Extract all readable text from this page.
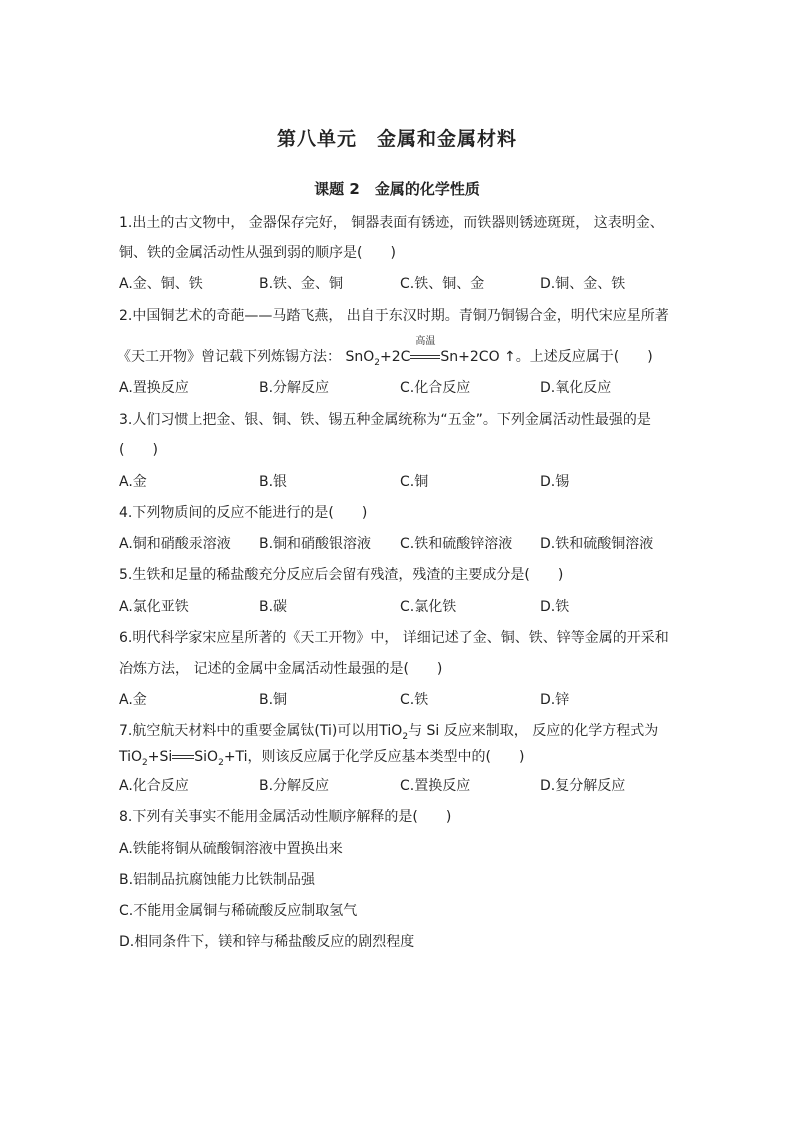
第八单元　金属和金属材料
课题 2　金属的化学性质
1.出土的古文物中， 金器保存完好， 铜器表面有锈迹，而铁器则锈迹斑斑， 这表明金、
铜、铁的金属活动性从强到弱的顺序是(　　)
A.金、铜、铁	B.铁、金、铜	C.铁、铜、金	D.铜、金、铁
2.中国铜艺术的奇葩——马踏飞燕， 出自于东汉时期。青铜乃铜锡合金，明代宋应星所著
《天工开物》曾记载下列炼锡方法： SnO$_2$+2C
高温
Sn+2CO ↑。上述反应属于(　　)
A.置换反应	B.分解反应	C.化合反应	D.氧化反应
3.人们习惯上把金、银、铜、铁、锡五种金属统称为“五金”。下列金属活动性最强的是
(　　)
A.金	B.银	C.铜	D.锡
4.下列物质间的反应不能进行的是(　　)
A.铜和硝酸汞溶液 B.铜和硝酸银溶液 C.铁和硫酸锌溶液 D.铁和硫酸铜溶液
5.生铁和足量的稀盐酸充分反应后会留有残渣，残渣的主要成分是(　　)
A.氯化亚铁	B.碳	C.氯化铁	D.铁
6.明代科学家宋应星所著的《天工开物》中， 详细记述了金、铜、铁、锌等金属的开采和
冶炼方法， 记述的金属中金属活动性最强的是(　　)
A.金	B.铜	C.铁	D.锌
7.航空航天材料中的重要金属钛(Ti)可以用TiO$_2$与 Si 反应来制取， 反应的化学方程式为
TiO$_2$+Si SiO$_2$+Ti，则该反应属于化学反应基本类型中的(　　)
A.化合反应	B.分解反应	C.置换反应	D.复分解反应
8.下列有关事实不能用金属活动性顺序解释的是(　　)
A.铁能将铜从硫酸铜溶液中置换出来
B.铝制品抗腐蚀能力比铁制品强
C.不能用金属铜与稀硫酸反应制取氢气
D.相同条件下，镁和锌与稀盐酸反应的剧烈程度
